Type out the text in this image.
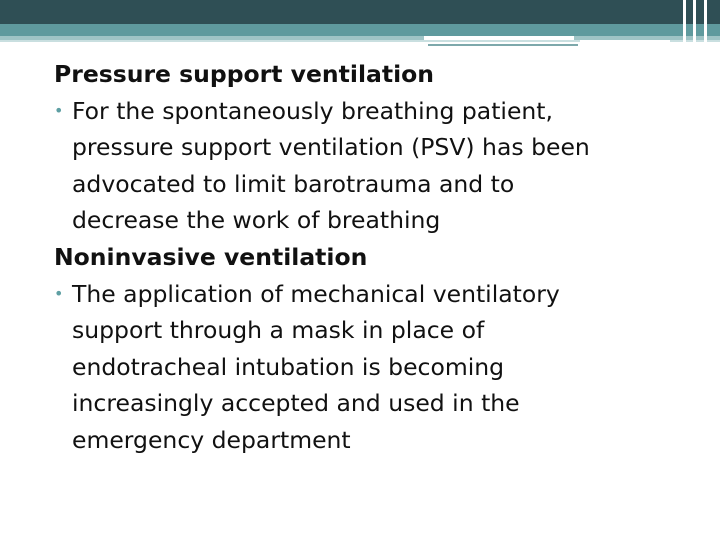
Pressure support ventilation
• For the spontaneously breathing patient,
pressure support ventilation (PSV) has been
advocated to limit barotrauma and to
decrease the work of breathing
Noninvasive ventilation
• The application of mechanical ventilatory
support through a mask in place of
endotracheal intubation is becoming
increasingly accepted and used in the
emergency department
